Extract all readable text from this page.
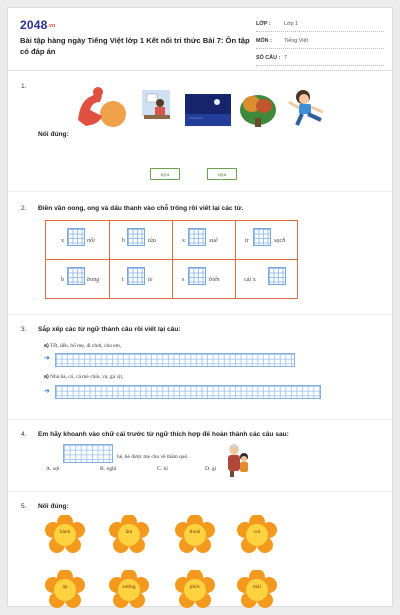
2048.vn
Bài tập hàng ngày Tiếng Việt lớp 1 Kết nối tri thức Bài 7: Ôn tập có đáp án
LỚP : Lớp 1
MÔN : Tiếng Việt
SỐ CÂU : 7
1.
Nối đúng:
uyu	uya
2. Điền vần oong, ong và dấu thanh vào chỗ trống rồi viết lại các từ.
x	nồi	b	tàu	x	xuê	tr	sạch
b	bong	t	te	s	biển	cái x
3. Sắp xếp các từ ngữ thành câu rồi viết lại câu:
a) Tết, đến, bố mẹ, đi chơi, cho em,
➔
a) Nhà bà, có, cá mè chín, và, gà vịt,
➔
4. Em hãy khoanh vào chữ cái trước từ ngữ thích hợp để hoàn thành các câu sau:
hè, bé được mẹ cho về thăm quê.
A. sợi	B. nghỉ	C. hì	D. gì
5. Nối đúng:
hành	ầm	thoải	vui
áp	sướng	phúc	mái
